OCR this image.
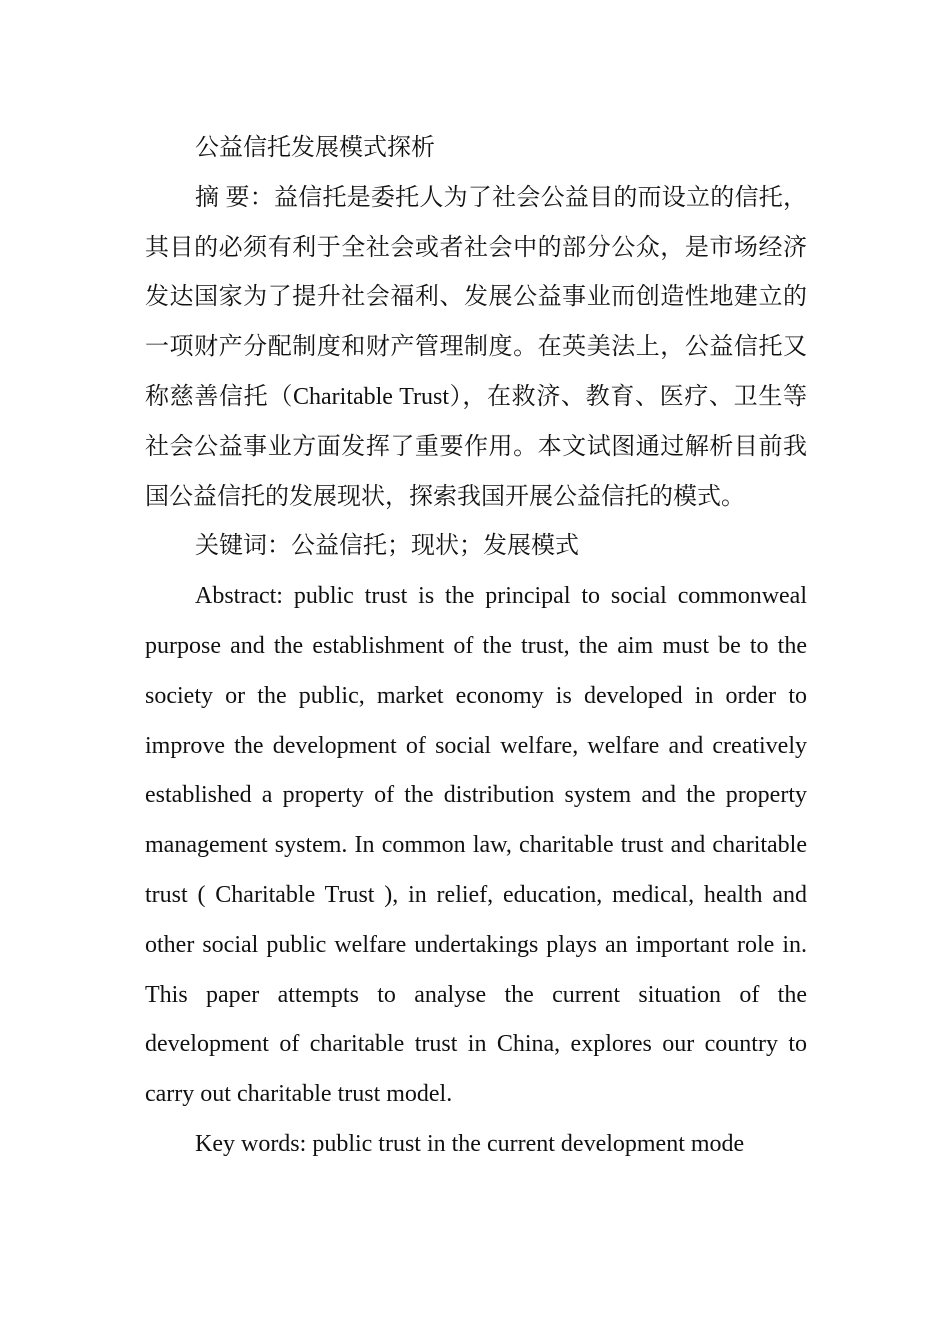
公益信托发展模式探析

摘 要：益信托是委托人为了社会公益目的而设立的信托，其目的必须有利于全社会或者社会中的部分公众，是市场经济发达国家为了提升社会福利、发展公益事业而创造性地建立的一项财产分配制度和财产管理制度。在英美法上，公益信托又称慈善信托（Charitable Trust），在救济、教育、医疗、卫生等社会公益事业方面发挥了重要作用。本文试图通过解析目前我国公益信托的发展现状，探索我国开展公益信托的模式。

关键词：公益信托；现状；发展模式

Abstract: public trust is the principal to social commonweal purpose and the establishment of the trust, the aim must be to the society or the public, market economy is developed in order to improve the development of social welfare, welfare and creatively established a property of the distribution system and the property management system. In common law, charitable trust and charitable trust ( Charitable Trust ), in relief, education, medical, health and other social public welfare undertakings plays an important role in. This paper attempts to analyse the current situation of the development of charitable trust in China, explores our country to carry out charitable trust model.

Key words: public trust in the current development mode
